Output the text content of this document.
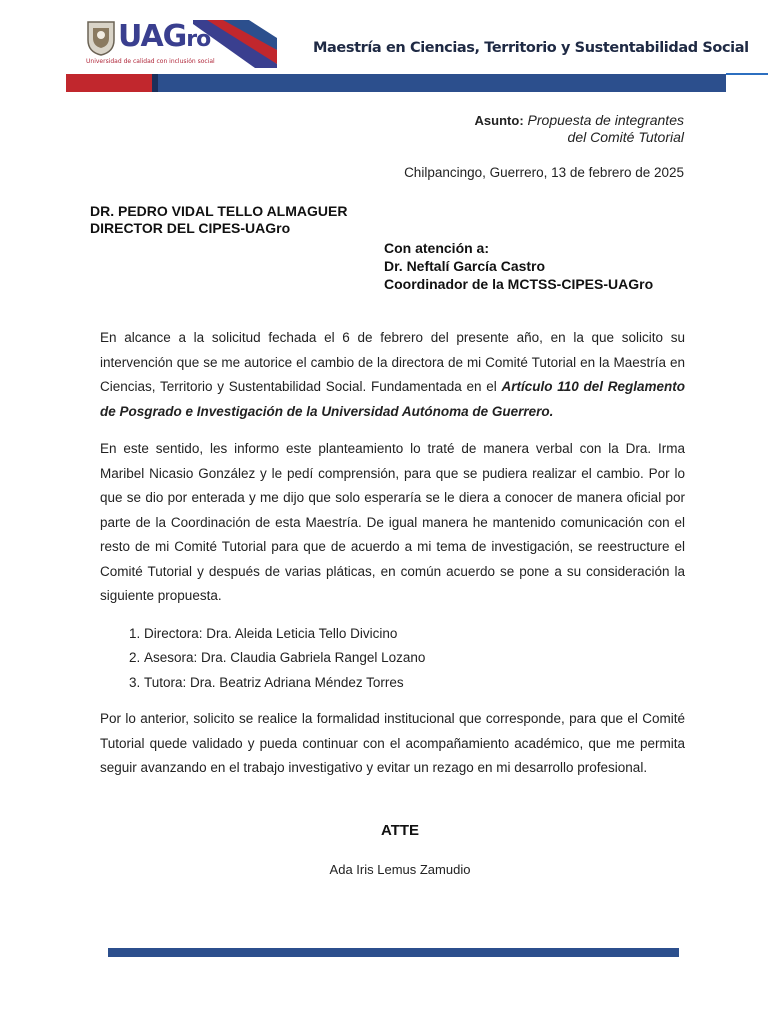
UAGro
Universidad de calidad con inclusión social
Maestría en Ciencias, Territorio y Sustentabilidad Social
Asunto: Propuesta de integrantes
del Comité Tutorial
Chilpancingo, Guerrero, 13 de febrero de 2025
DR. PEDRO VIDAL TELLO ALMAGUER
DIRECTOR DEL CIPES-UAGro
Con atención a:
Dr. Neftalí García Castro
Coordinador de la MCTSS-CIPES-UAGro

En alcance a la solicitud fechada el 6 de febrero del presente año, en la que solicito su intervención que se me autorice el cambio de la directora de mi Comité Tutorial en la Maestría en Ciencias, Territorio y Sustentabilidad Social. Fundamentada en el Artículo 110 del Reglamento de Posgrado e Investigación de la Universidad Autónoma de Guerrero.

En este sentido, les informo este planteamiento lo traté de manera verbal con la Dra. Irma Maribel Nicasio González y le pedí comprensión, para que se pudiera realizar el cambio. Por lo que se dio por enterada y me dijo que solo esperaría se le diera a conocer de manera oficial por parte de la Coordinación de esta Maestría. De igual manera he mantenido comunicación con el resto de mi Comité Tutorial para que de acuerdo a mi tema de investigación, se reestructure el Comité Tutorial y después de varias pláticas, en común acuerdo se pone a su consideración la siguiente propuesta.

1. Directora: Dra. Aleida Leticia Tello Divicino
2. Asesora: Dra. Claudia Gabriela Rangel Lozano
3. Tutora: Dra. Beatriz Adriana Méndez Torres

Por lo anterior, solicito se realice la formalidad institucional que corresponde, para que el Comité Tutorial quede validado y pueda continuar con el acompañamiento académico, que me permita seguir avanzando en el trabajo investigativo y evitar un rezago en mi desarrollo profesional.

ATTE
Ada Iris Lemus Zamudio
